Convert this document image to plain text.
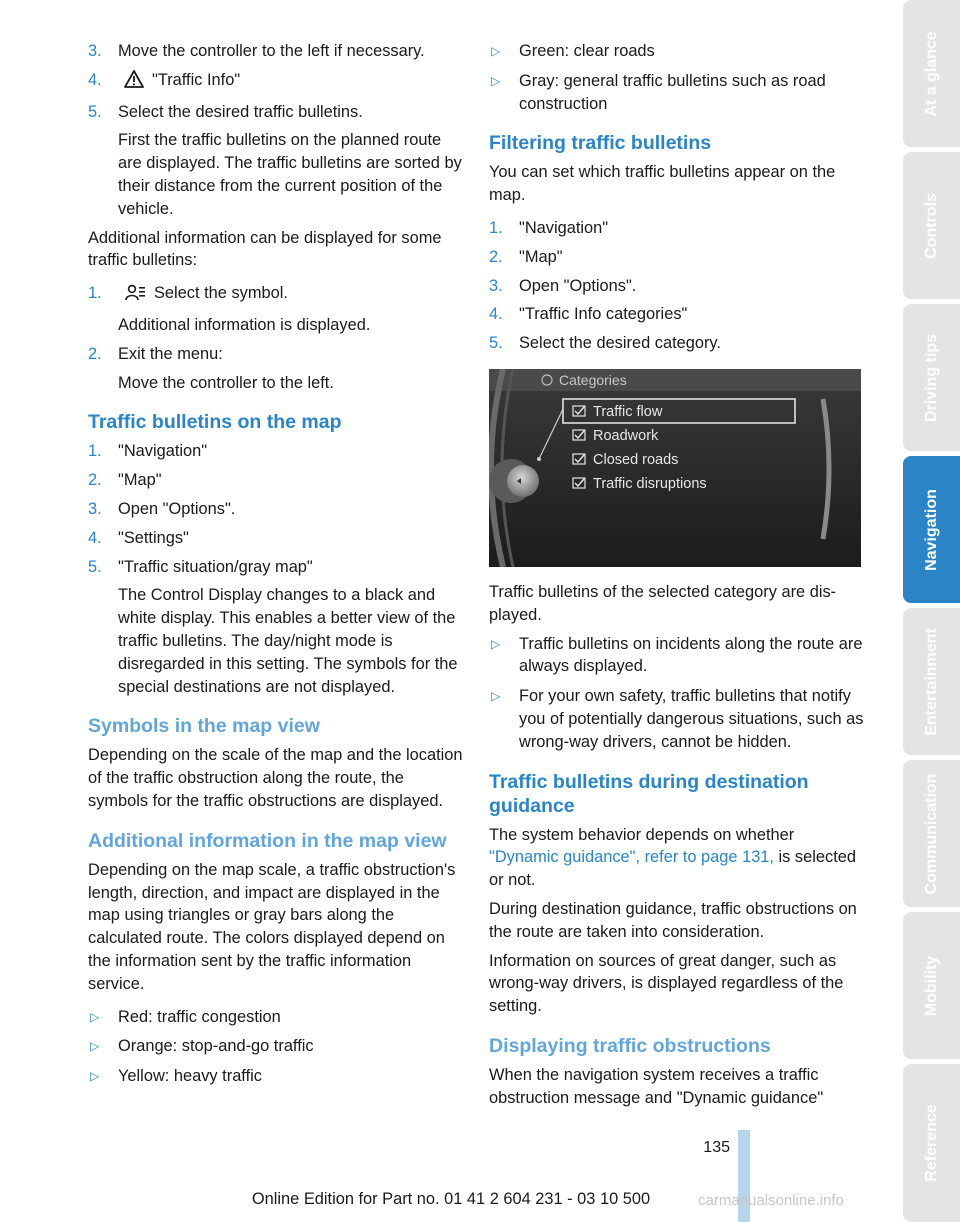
3. Move the controller to the left if necessary.
4.	"Traffic Info"
5. Select the desired traffic bulletins.
First the traffic bulletins on the planned route are displayed. The traffic bulletins are sorted by their distance from the current position of the vehicle.

Additional information can be displayed for some traffic bulletins:

1.	Select the symbol.
Additional information is displayed.
2. Exit the menu:
Move the controller to the left.
Traffic bulletins on the map
1. "Navigation"
2. "Map"
3. Open "Options".
4. "Settings"
5. "Traffic situation/gray map"
The Control Display changes to a black and white display. This enables a better view of the traffic bulletins. The day/night mode is disregarded in this setting. The symbols for the special destinations are not displayed.
Symbols in the map view

Depending on the scale of the map and the location of the traffic obstruction along the route, the symbols for the traffic obstructions are displayed.

Additional information in the map view

Depending on the map scale, a traffic obstruction's length, direction, and impact are displayed in the map using triangles or gray bars along the calculated route. The colors displayed depend on the information sent by the traffic information service.

▷ Red: traffic congestion
▷ Orange: stop-and-go traffic
▷ Yellow: heavy traffic
▷ Green: clear roads
▷ Gray: general traffic bulletins such as road construction
Filtering traffic bulletins

You can set which traffic bulletins appear on the map.

1. "Navigation"
2. "Map"
3. Open "Options".
4. "Traffic Info categories"
5. Select the desired category.
Categories
Traffic flow
Roadwork
Closed roads
Traffic disruptions

Traffic bulletins of the selected category are displayed.

▷ Traffic bulletins on incidents along the route are always displayed.
▷ For your own safety, traffic bulletins that notify you of potentially dangerous situations, such as wrong-way drivers, cannot be hidden.
Traffic bulletins during destination guidance

The system behavior depends on whether "Dynamic guidance", refer to page 131, is selected or not.

During destination guidance, traffic obstructions on the route are taken into consideration.

Information on sources of great danger, such as wrong-way drivers, is displayed regardless of the setting.

Displaying traffic obstructions

When the navigation system receives a traffic obstruction message and "Dynamic guidance"

At a glance
Controls
Driving tips
Navigation
Entertainment
Communication
Mobility
Reference
135
Online Edition for Part no. 01 41 2 604 231 - 03 10 500	carmanualsonline.info
